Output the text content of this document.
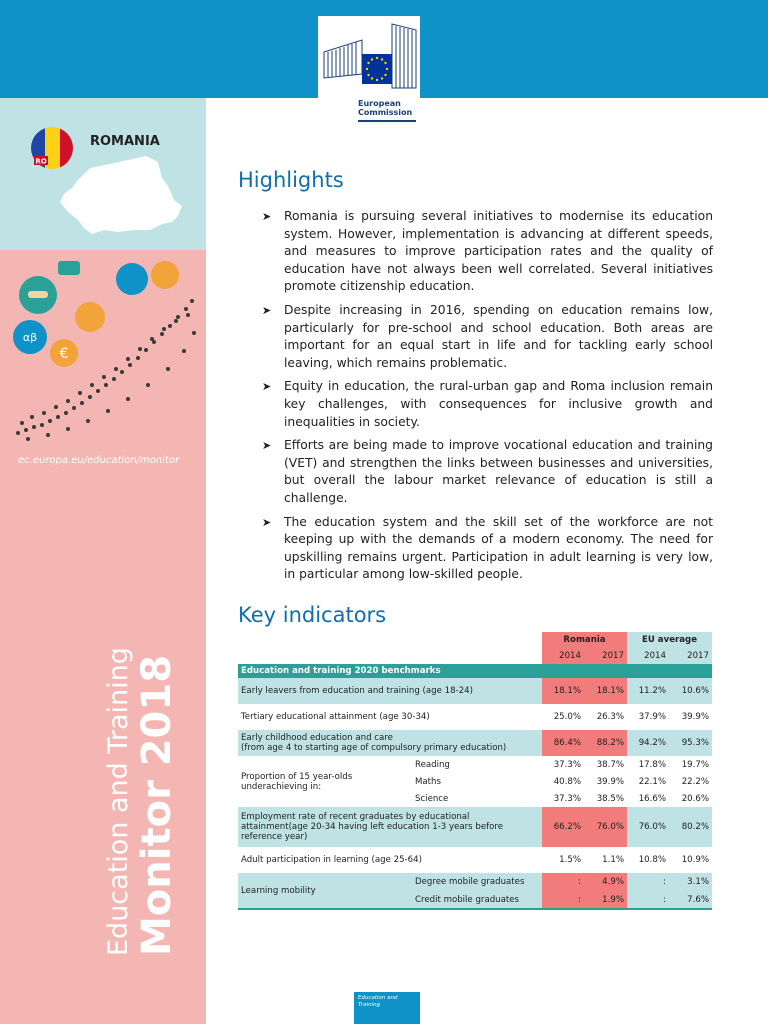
European
Commission
RO
ROMANIA
αβ
€
ec.europa.eu/education/monitor
Education and Training Monitor 2018
Highlights
➤ Romania is pursuing several initiatives to modernise its education system. However, implementation is advancing at different speeds, and measures to improve participation rates and the quality of education have not always been well correlated. Several initiatives promote citizenship education.
➤ Despite increasing in 2016, spending on education remains low, particularly for pre-school and school education. Both areas are important for an equal start in life and for tackling early school leaving, which remains problematic.
➤ Equity in education, the rural-urban gap and Roma inclusion remain key challenges, with consequences for inclusive growth and inequalities in society.
➤ Efforts are being made to improve vocational education and training (VET) and strengthen the links between businesses and universities, but overall the labour market relevance of education is still a challenge.
➤ The education system and the skill set of the workforce are not keeping up with the demands of a modern economy. The need for upskilling remains urgent. Participation in adult learning is very low, in particular among low-skilled people.
Key indicators
		Romania		EU average	
		2014	2017	2014	2017
Education and training 2020 benchmarks					
Early leavers from education and training (age 18-24)		18.1%	18.1%	11.2%	10.6%
Tertiary educational attainment (age 30-34)		25.0%	26.3%	37.9%	39.9%

Early childhood education and care
(from age 4 to starting age of compulsory primary education)		86.4%	88.2%	94.2%	95.3%

Proportion of 15 year-olds
underachieving in:	Reading	37.3%	38.7%	17.8%	19.7%
	Maths	40.8%	39.9%	22.1%	22.2%
	Science	37.3%	38.5%	16.6%	20.6%

Employment rate of recent graduates by educational
attainment(age 20-34 having left education 1-3 years before
reference year)		66.2%	76.0%	76.0%	80.2%
Adult participation in learning (age 25-64)		1.5%	1.1%	10.8%	10.9%
Learning mobility	Degree mobile graduates	:	4.9%	:	3.1%
	Credit mobile graduates	:	1.9%	:	7.6%
Education and
Training
